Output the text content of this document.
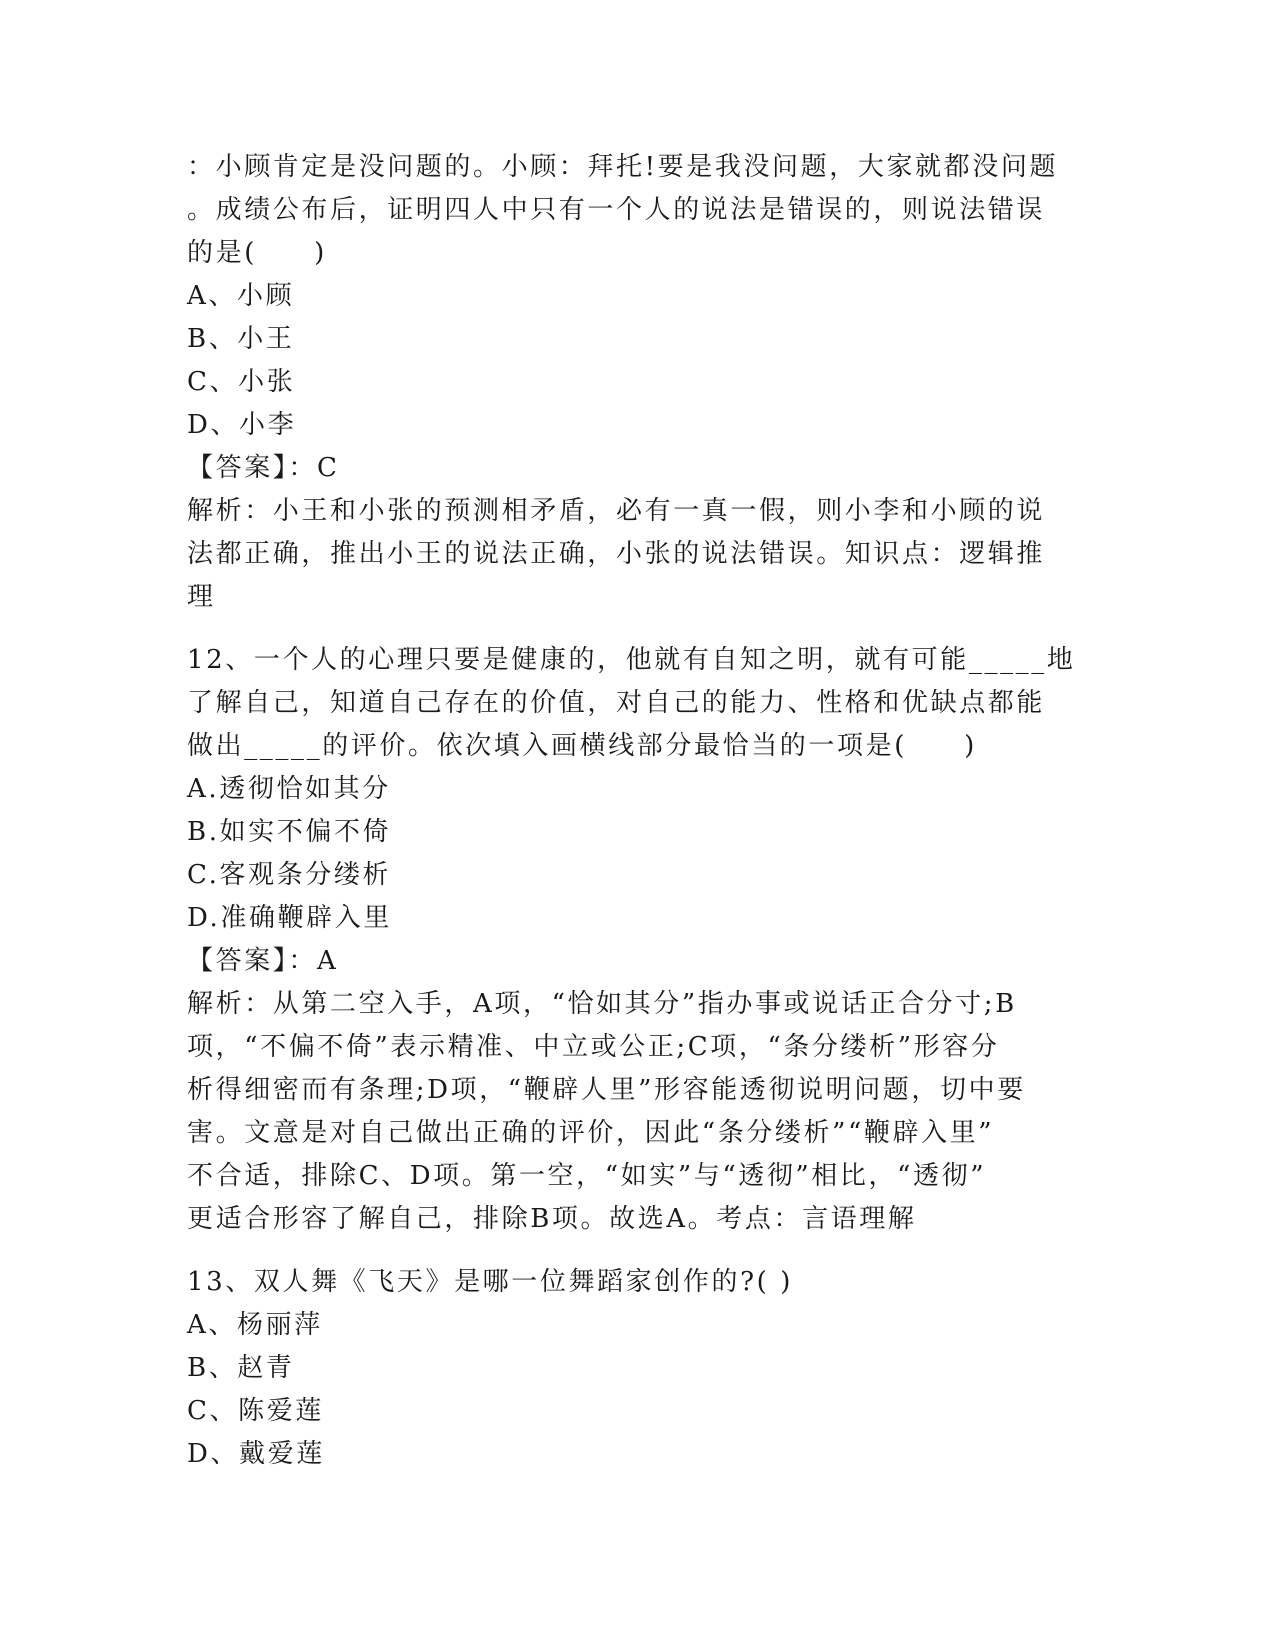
：小顾肯定是没问题的。小顾：拜托!要是我没问题，大家就都没问题
。成绩公布后，证明四人中只有一个人的说法是错误的，则说法错误
的是(　　)
A、小顾
B、小王
C、小张
D、小李
【答案】：C
解析：小王和小张的预测相矛盾，必有一真一假，则小李和小顾的说
法都正确，推出小王的说法正确，小张的说法错误。知识点：逻辑推
理
12、一个人的心理只要是健康的，他就有自知之明，就有可能_____地
了解自己，知道自己存在的价值，对自己的能力、性格和优缺点都能
做出_____的评价。依次填入画横线部分最恰当的一项是(　　)
A.透彻恰如其分
B.如实不偏不倚
C.客观条分缕析
D.准确鞭辟入里
【答案】：A
解析：从第二空入手，A项，“恰如其分”指办事或说话正合分寸;B
项，“不偏不倚”表示精准、中立或公正;C项，“条分缕析”形容分
析得细密而有条理;D项，“鞭辟人里”形容能透彻说明问题，切中要
害。文意是对自己做出正确的评价，因此“条分缕析”“鞭辟入里”
不合适，排除C、D项。第一空，“如实”与“透彻”相比，“透彻”
更适合形容了解自己，排除B项。故选A。考点：言语理解
13、双人舞《飞天》是哪一位舞蹈家创作的?( )
A、杨丽萍
B、赵青
C、陈爱莲
D、戴爱莲
